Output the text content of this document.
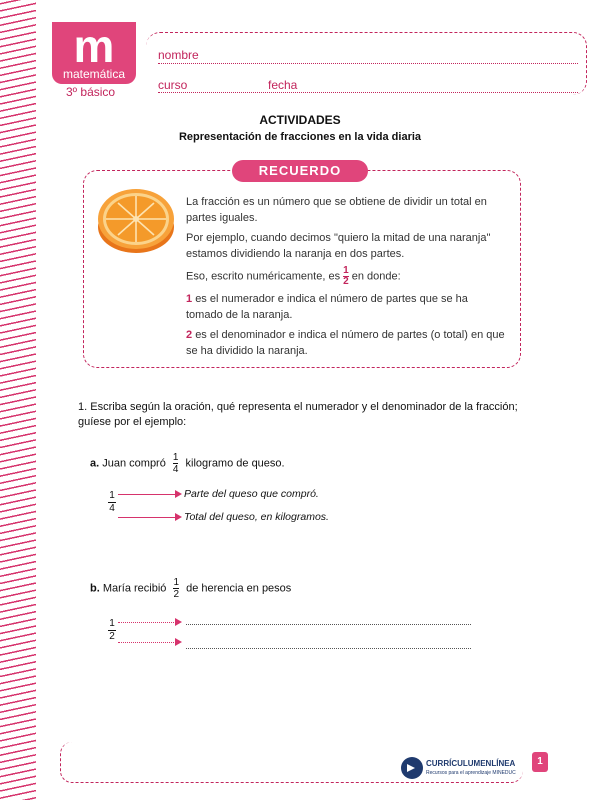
m
matemática
3º básico
nombre
curso	fecha
ACTIVIDADES
Representación de fracciones en la vida diaria
RECUERDO

La fracción es un número que se obtiene de dividir un total en partes iguales.

Por ejemplo, cuando decimos "quiero la mitad de una naranja" estamos dividiendo la naranja en dos partes.

Eso, escrito numéricamente, es $\frac{1}{2}$ en donde:

1 es el numerador e indica el número de partes que se ha tomado de la naranja.

2 es el denominador e indica el número de partes (o total) en que se ha dividido la naranja.

1. Escriba según la oración, qué representa el numerador y el denominador de la fracción; guíese por el ejemplo:
a. Juan compró $\frac{1}{4}$ kilogramo de queso.
$\frac{1}{4}$	Parte del queso que compró.
Total del queso, en kilogramos.
b. María recibió $\frac{1}{2}$ de herencia en pesos
$\frac{1}{2}$
CURRÍCULUMENLÍNEA
Recursos para el aprendizaje MINEDUC
1
